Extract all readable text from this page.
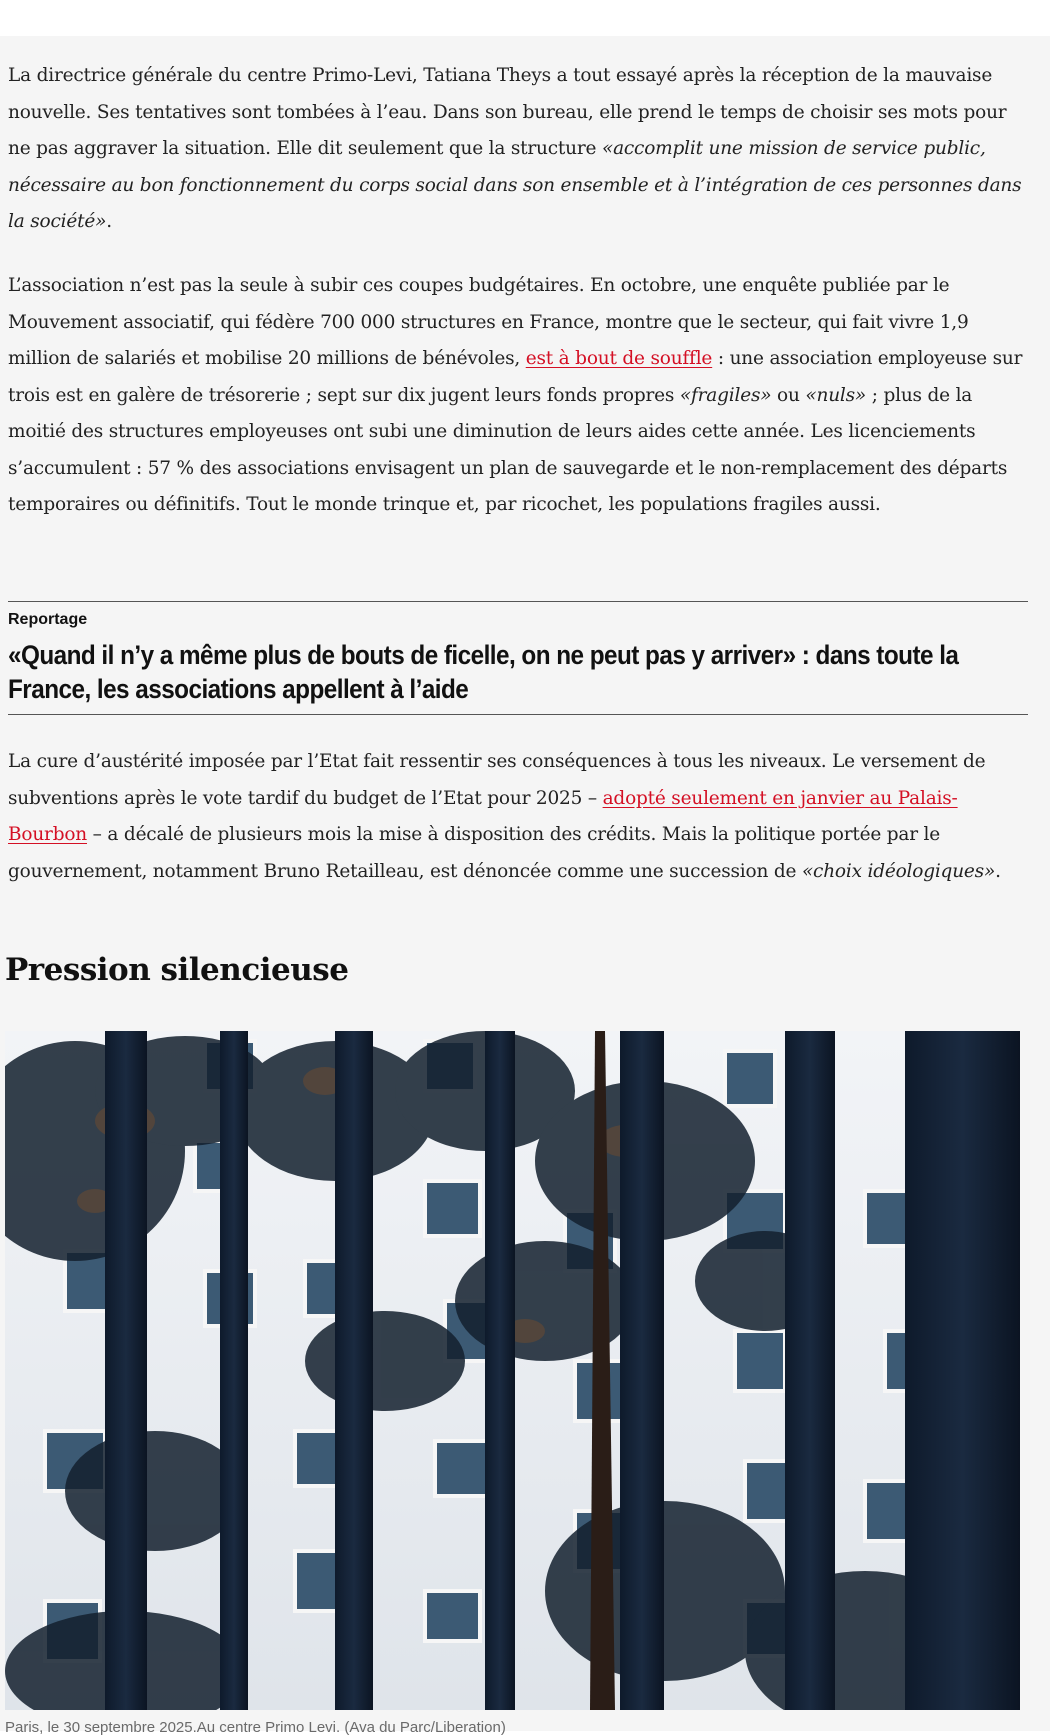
La directrice générale du centre Primo-Levi, Tatiana Theys a tout essayé après la réception de la mauvaise nouvelle. Ses tentatives sont tombées à l’eau. Dans son bureau, elle prend le temps de choisir ses mots pour ne pas aggraver la situation. Elle dit seulement que la structure «accomplit une mission de service public, nécessaire au bon fonctionnement du corps social dans son ensemble et à l’intégration de ces personnes dans la société».

L’association n’est pas la seule à subir ces coupes budgétaires. En octobre, une enquête publiée par le Mouvement associatif, qui fédère 700 000 structures en France, montre que le secteur, qui fait vivre 1,9 million de salariés et mobilise 20 millions de bénévoles, est à bout de souffle : une association employeuse sur trois est en galère de trésorerie ; sept sur dix jugent leurs fonds propres «fragiles» ou «nuls» ; plus de la moitié des structures employeuses ont subi une diminution de leurs aides cette année. Les licenciements s’accumulent : 57 % des associations envisagent un plan de sauvegarde et le non-remplacement des départs temporaires ou définitifs. Tout le monde trinque et, par ricochet, les populations fragiles aussi.

Reportage
«Quand il n’y a même plus de bouts de ficelle, on ne peut pas y arriver» : dans toute la France, les associations appellent à l’aide

La cure d’austérité imposée par l’Etat fait ressentir ses conséquences à tous les niveaux. Le versement de subventions après le vote tardif du budget de l’Etat pour 2025 – adopté seulement en janvier au Palais-Bourbon – a décalé de plusieurs mois la mise à disposition des crédits. Mais la politique portée par le gouvernement, notamment Bruno Retailleau, est dénoncée comme une succession de «choix idéologiques».

Pression silencieuse
Paris, le 30 septembre 2025.Au centre Primo Levi. (Ava du Parc/Liberation)
